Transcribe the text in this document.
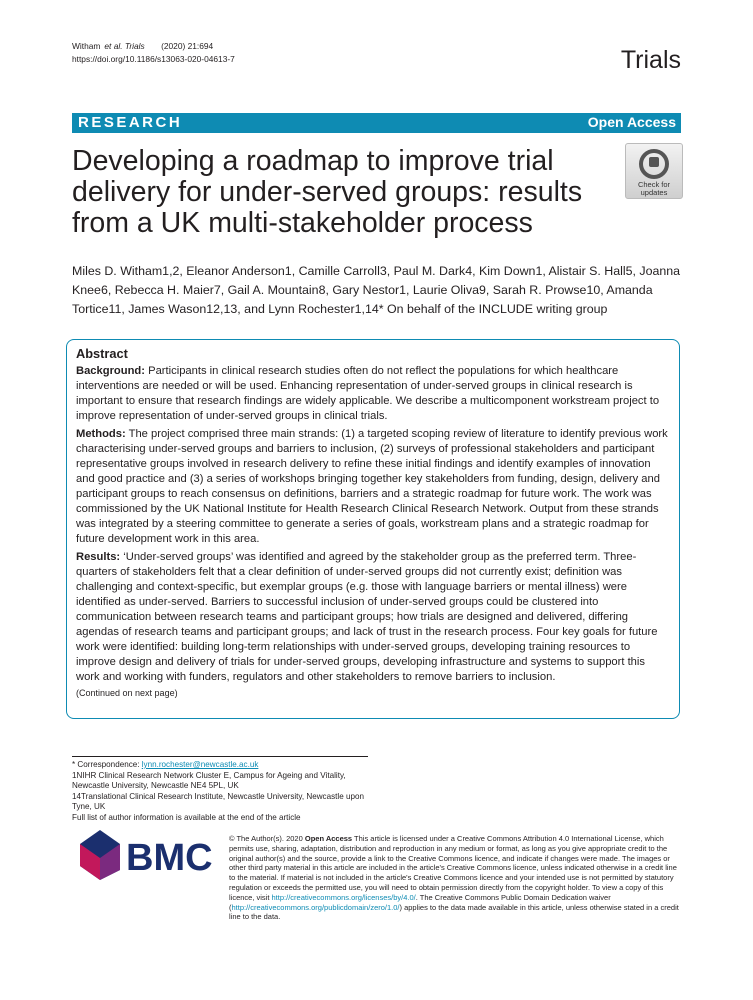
Witham et al. Trials (2020) 21:694
https://doi.org/10.1186/s13063-020-04613-7	Trials
RESEARCH	Open Access
Developing a roadmap to improve trial delivery for under-served groups: results from a UK multi-stakeholder process
Check for
updates
Miles D. Witham1,2, Eleanor Anderson1, Camille Carroll3, Paul M. Dark4, Kim Down1, Alistair S. Hall5, Joanna Knee6, Rebecca H. Maier7, Gail A. Mountain8, Gary Nestor1, Laurie Oliva9, Sarah R. Prowse10, Amanda Tortice11, James Wason12,13, and Lynn Rochester1,14* On behalf of the INCLUDE writing group
Abstract

Background: Participants in clinical research studies often do not reflect the populations for which healthcare interventions are needed or will be used. Enhancing representation of under-served groups in clinical research is important to ensure that research findings are widely applicable. We describe a multicomponent workstream project to improve representation of under-served groups in clinical trials.

Methods: The project comprised three main strands: (1) a targeted scoping review of literature to identify previous work characterising under-served groups and barriers to inclusion, (2) surveys of professional stakeholders and participant representative groups involved in research delivery to refine these initial findings and identify examples of innovation and good practice and (3) a series of workshops bringing together key stakeholders from funding, design, delivery and participant groups to reach consensus on definitions, barriers and a strategic roadmap for future work. The work was commissioned by the UK National Institute for Health Research Clinical Research Network. Output from these strands was integrated by a steering committee to generate a series of goals, workstream plans and a strategic roadmap for future development work in this area.

Results: ‘Under-served groups’ was identified and agreed by the stakeholder group as the preferred term. Three-quarters of stakeholders felt that a clear definition of under-served groups did not currently exist; definition was challenging and context-specific, but exemplar groups (e.g. those with language barriers or mental illness) were identified as under-served. Barriers to successful inclusion of under-served groups could be clustered into communication between research teams and participant groups; how trials are designed and delivered, differing agendas of research teams and participant groups; and lack of trust in the research process. Four key goals for future work were identified: building long-term relationships with under-served groups, developing training resources to improve design and delivery of trials for under-served groups, developing infrastructure and systems to support this work and working with funders, regulators and other stakeholders to remove barriers to inclusion.

(Continued on next page)
* Correspondence: lynn.rochester@newcastle.ac.uk
1NIHR Clinical Research Network Cluster E, Campus for Ageing and Vitality, Newcastle University, Newcastle NE4 5PL, UK
14Translational Clinical Research Institute, Newcastle University, Newcastle upon Tyne, UK
Full list of author information is available at the end of the article
BMC © The Author(s). 2020 Open Access This article is licensed under a Creative Commons Attribution 4.0 International License, which permits use, sharing, adaptation, distribution and reproduction in any medium or format, as long as you give appropriate credit to the original author(s) and the source, provide a link to the Creative Commons licence, and indicate if changes were made. The images or other third party material in this article are included in the article's Creative Commons licence, unless indicated otherwise in a credit line to the material. If material is not included in the article's Creative Commons licence and your intended use is not permitted by statutory regulation or exceeds the permitted use, you will need to obtain permission directly from the copyright holder. To view a copy of this licence, visit http://creativecommons.org/licenses/by/4.0/. The Creative Commons Public Domain Dedication waiver (http://creativecommons.org/publicdomain/zero/1.0/) applies to the data made available in this article, unless otherwise stated in a credit line to the data.
